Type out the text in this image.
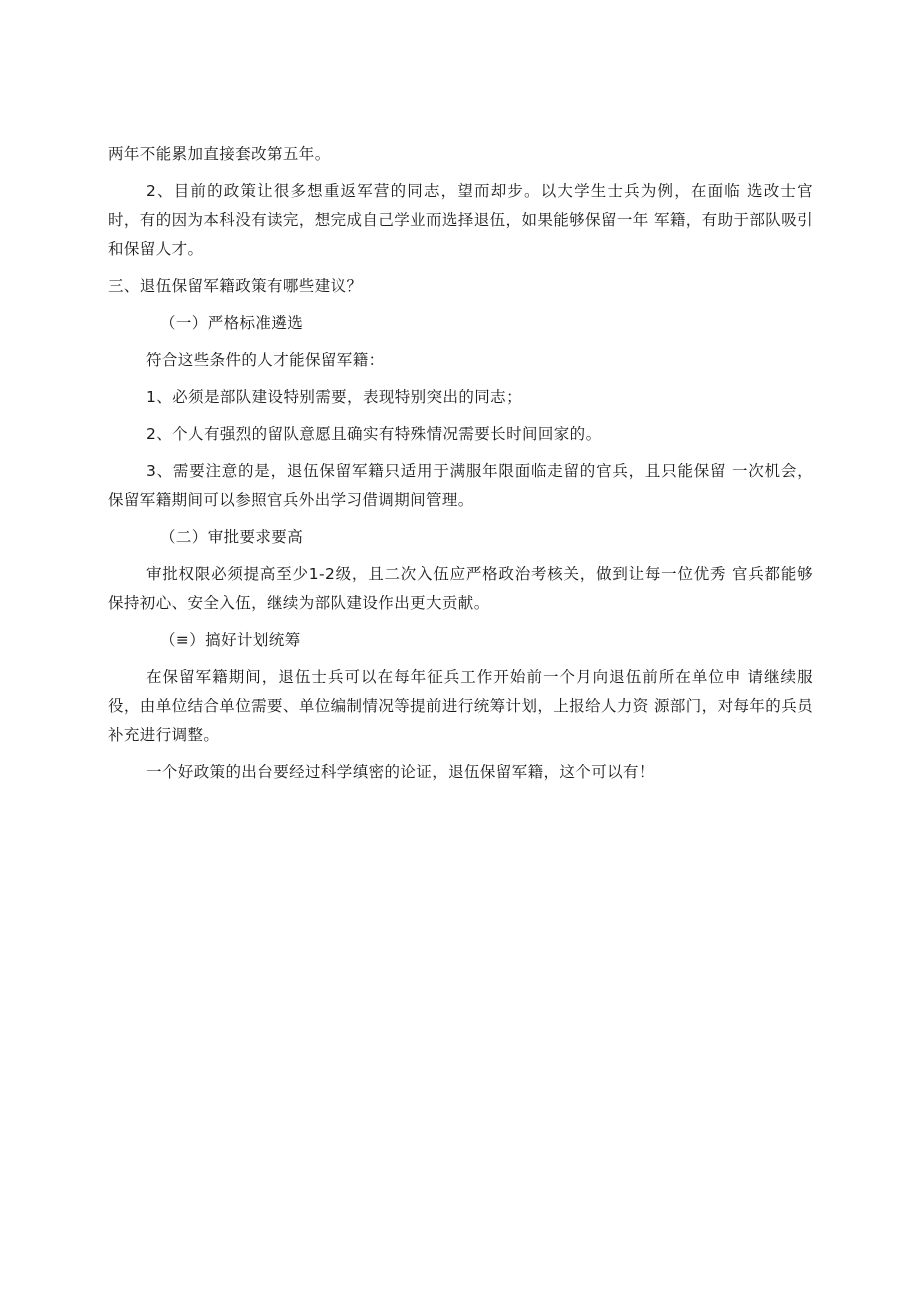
两年不能累加直接套改第五年。

2、目前的政策让很多想重返军营的同志，望而却步。以大学生士兵为例，在面临 选改士官时，有的因为本科没有读完，想完成自己学业而选择退伍，如果能够保留一年 军籍，有助于部队吸引和保留人才。

三、退伍保留军籍政策有哪些建议？

（一）严格标准遴选

符合这些条件的人才能保留军籍：

1、必须是部队建设特别需要，表现特别突出的同志；

2、个人有强烈的留队意愿且确实有特殊情况需要长时间回家的。

3、需要注意的是，退伍保留军籍只适用于满服年限面临走留的官兵，且只能保留 一次机会，保留军籍期间可以参照官兵外出学习借调期间管理。

（二）审批要求要高

审批权限必须提高至少1-2级，且二次入伍应严格政治考核关，做到让每一位优秀 官兵都能够保持初心、安全入伍，继续为部队建设作出更大贡献。

（≡）搞好计划统筹

在保留军籍期间，退伍士兵可以在每年征兵工作开始前一个月向退伍前所在单位申 请继续服役，由单位结合单位需要、单位编制情况等提前进行统筹计划，上报给人力资 源部门，对每年的兵员补充进行调整。

一个好政策的出台要经过科学缜密的论证，退伍保留军籍，这个可以有！
